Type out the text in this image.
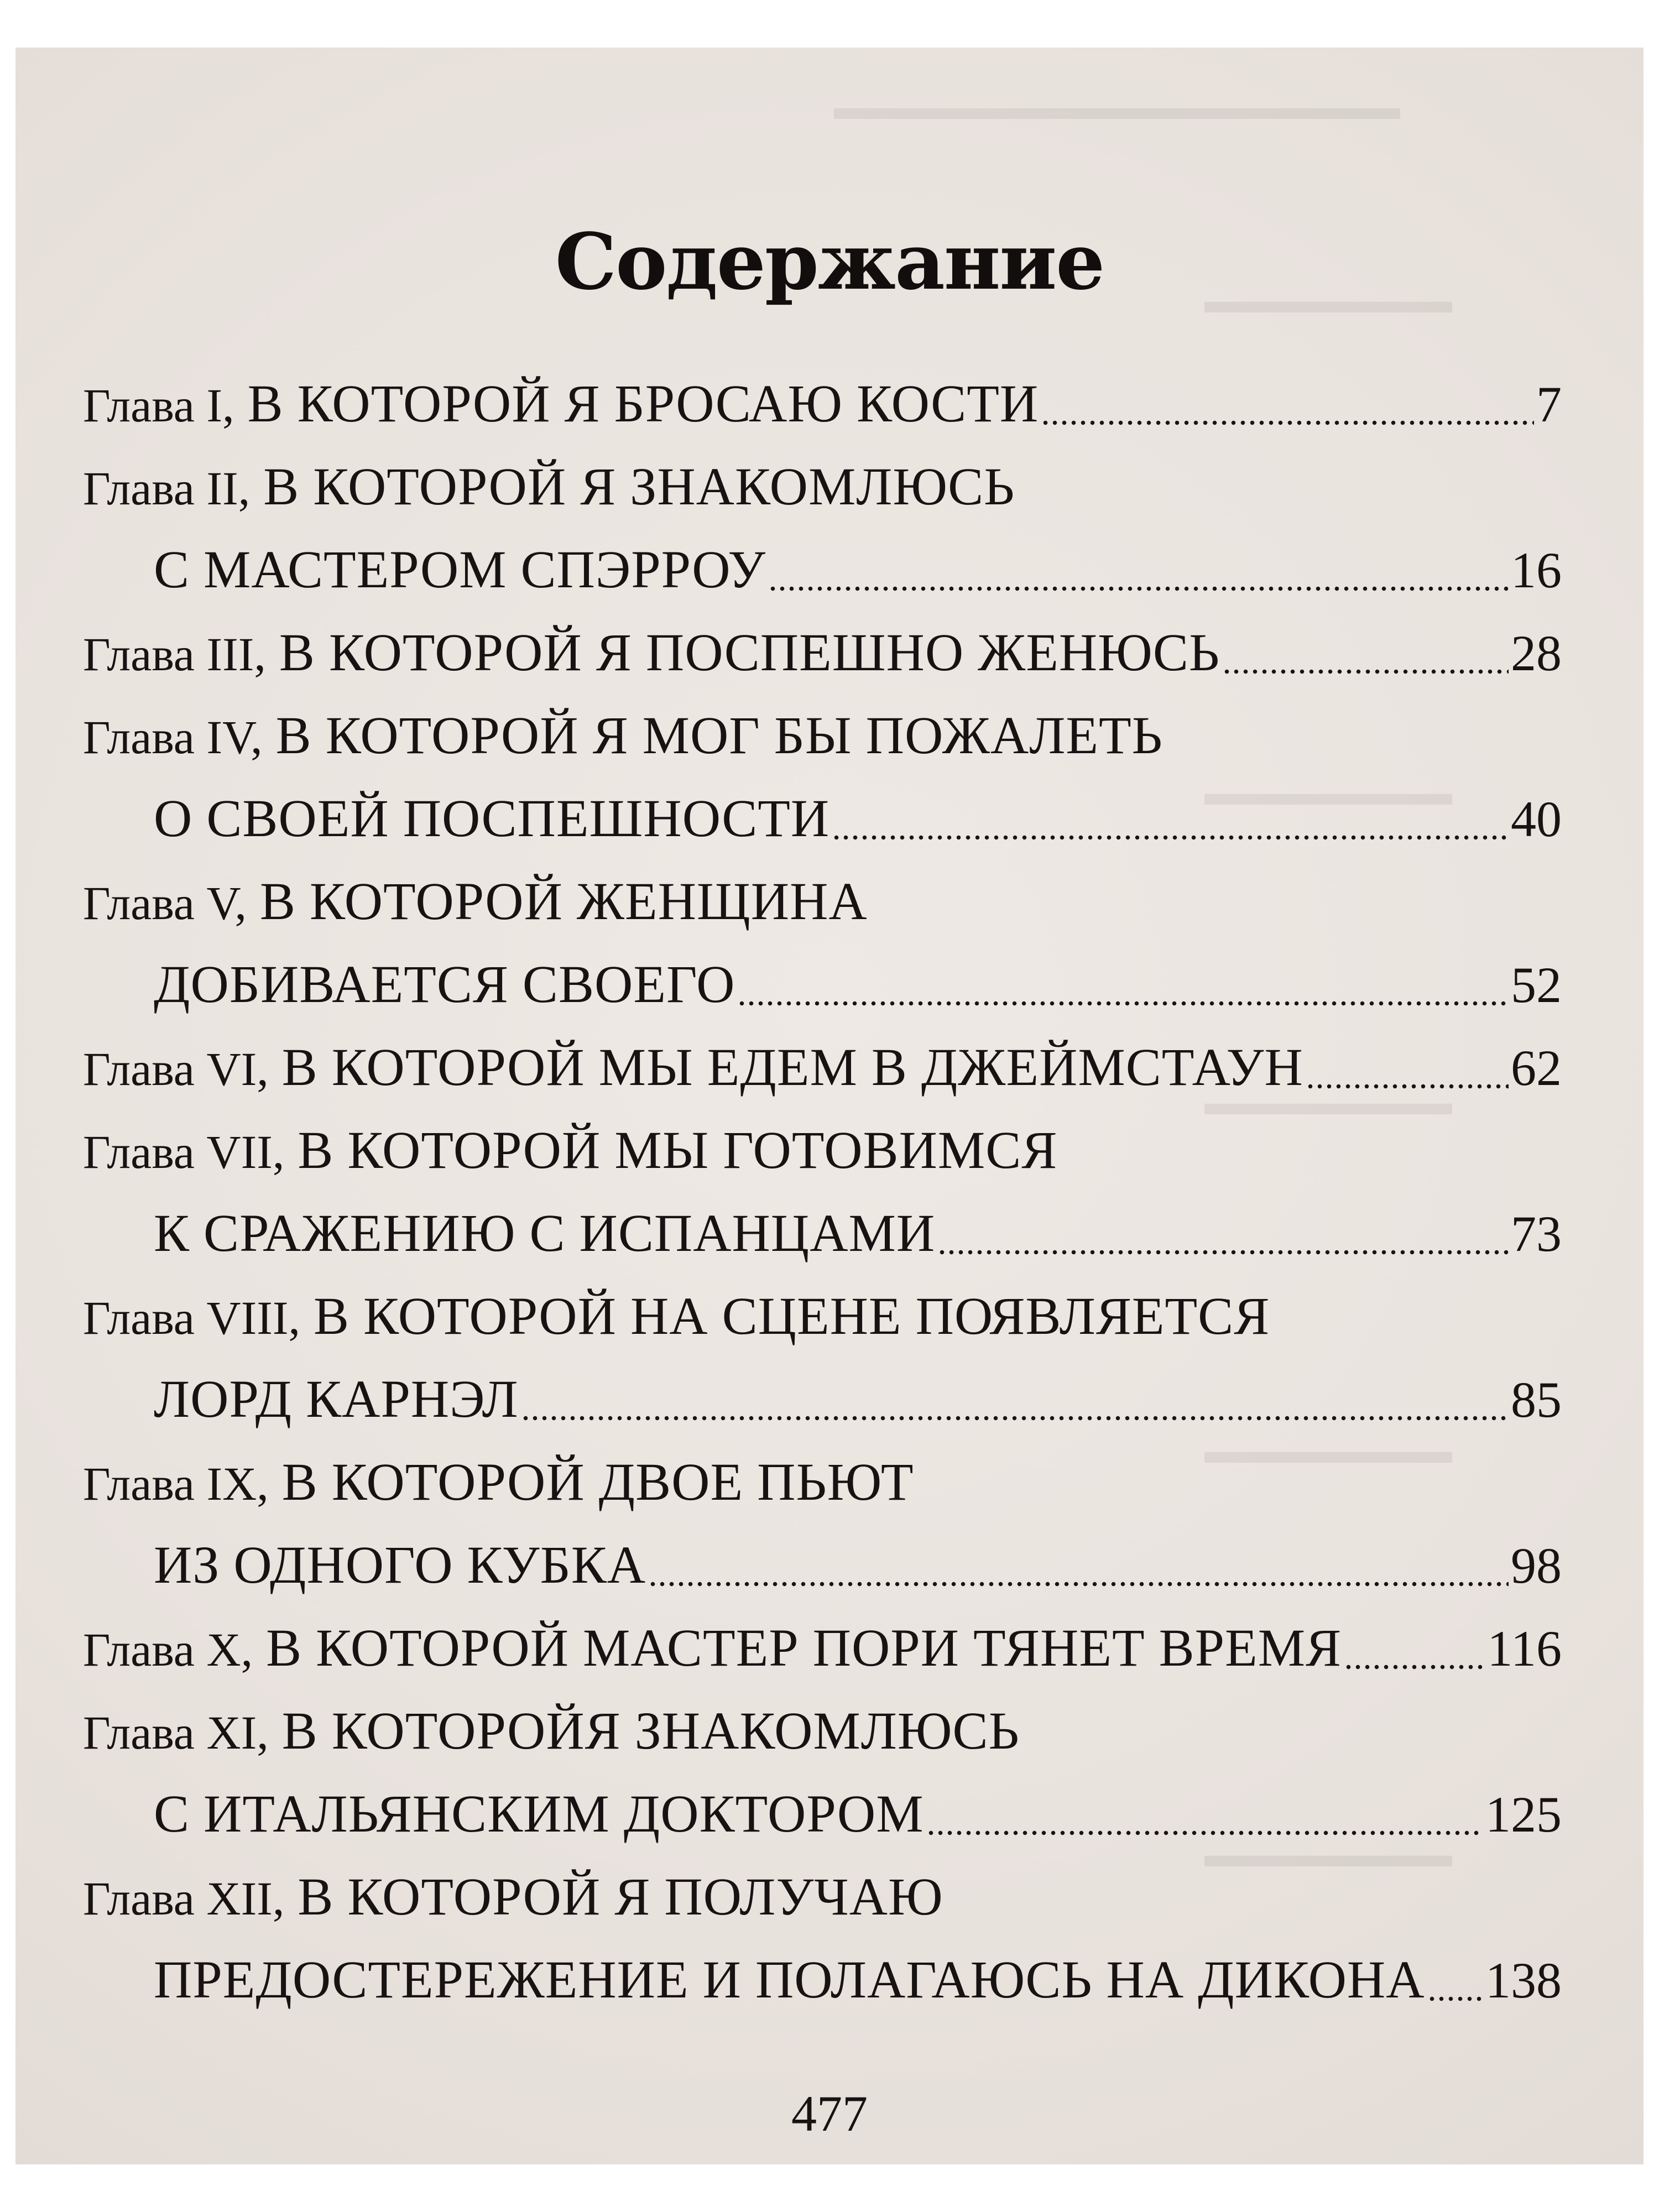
▬▬▬▬▬▬▬▬▬▬▬▬▬▬▬▬
▬▬▬▬▬▬▬
▬▬▬▬▬▬▬
▬▬▬▬▬▬▬
▬▬▬▬▬▬▬
Содержание
Глава I,
В КОТОРОЙ Я БРОСАЮ КОСТИ	7
Глава II,
В КОТОРОЙ Я ЗНАКОМЛЮСЬ
С МАСТЕРОМ СПЭРРОУ	16
Глава III,
В КОТОРОЙ Я ПОСПЕШНО ЖЕНЮСЬ	28
Глава IV,
В КОТОРОЙ Я МОГ БЫ ПОЖАЛЕТЬ
О СВОЕЙ ПОСПЕШНОСТИ	40
Глава V,
В КОТОРОЙ ЖЕНЩИНА
ДОБИВАЕТСЯ СВОЕГО	52
Глава VI,
В КОТОРОЙ МЫ ЕДЕМ В ДЖЕЙМСТАУН	62
Глава VII,
В КОТОРОЙ МЫ ГОТОВИМСЯ
К СРАЖЕНИЮ С ИСПАНЦАМИ	73
Глава VIII,
В КОТОРОЙ НА СЦЕНЕ ПОЯВЛЯЕТСЯ
ЛОРД КАРНЭЛ	85
Глава IX,
В КОТОРОЙ ДВОЕ ПЬЮТ
ИЗ ОДНОГО КУБКА	98
Глава X,
В КОТОРОЙ МАСТЕР ПОРИ ТЯНЕТ ВРЕМЯ	116
Глава XI,
В КОТОРОЙЯ ЗНАКОМЛЮСЬ
С ИТАЛЬЯНСКИМ ДОКТОРОМ	125
Глава XII,
В КОТОРОЙ Я ПОЛУЧАЮ
ПРЕДОСТЕРЕЖЕНИЕ И ПОЛАГАЮСЬ НА ДИКОНА 138
477
